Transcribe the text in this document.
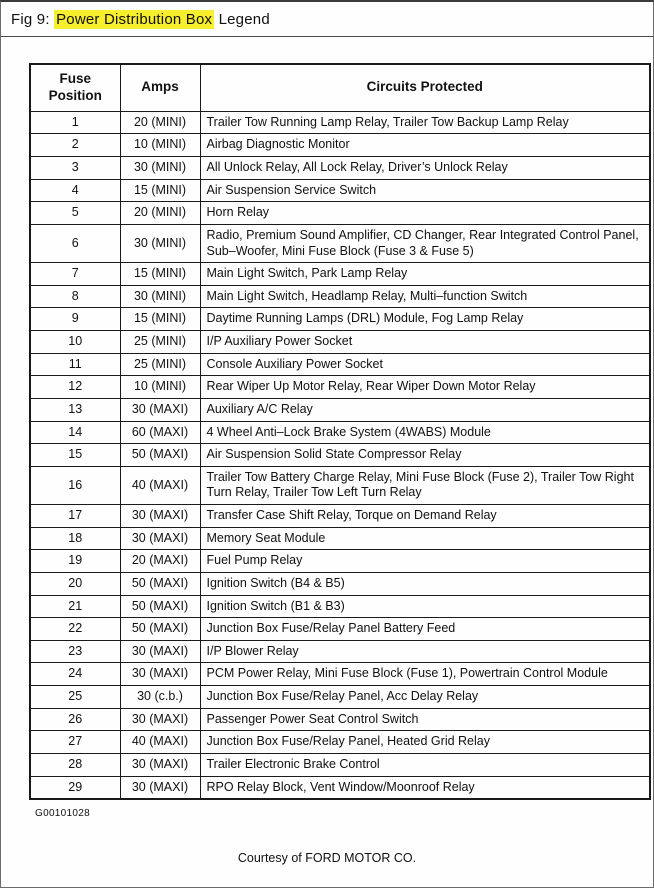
Fig 9: Power Distribution Box Legend
Fuse Position	Amps	Circuits Protected
1	20 (MINI)	Trailer Tow Running Lamp Relay, Trailer Tow Backup Lamp Relay
2	10 (MINI)	Airbag Diagnostic Monitor
3	30 (MINI)	All Unlock Relay, All Lock Relay, Driver’s Unlock Relay
4	15 (MINI)	Air Suspension Service Switch
5	20 (MINI)	Horn Relay
6	30 (MINI)	Radio, Premium Sound Amplifier, CD Changer, Rear Integrated Control Panel, Sub–Woofer, Mini Fuse Block (Fuse 3 & Fuse 5)
7	15 (MINI)	Main Light Switch, Park Lamp Relay
8	30 (MINI)	Main Light Switch, Headlamp Relay, Multi–function Switch
9	15 (MINI)	Daytime Running Lamps (DRL) Module, Fog Lamp Relay
10	25 (MINI)	I/P Auxiliary Power Socket
11	25 (MINI)	Console Auxiliary Power Socket
12	10 (MINI)	Rear Wiper Up Motor Relay, Rear Wiper Down Motor Relay
13	30 (MAXI)	Auxiliary A/C Relay
14	60 (MAXI)	4 Wheel Anti–Lock Brake System (4WABS) Module
15	50 (MAXI)	Air Suspension Solid State Compressor Relay
16	40 (MAXI)	Trailer Tow Battery Charge Relay, Mini Fuse Block (Fuse 2), Trailer Tow Right Turn Relay, Trailer Tow Left Turn Relay
17	30 (MAXI)	Transfer Case Shift Relay, Torque on Demand Relay
18	30 (MAXI)	Memory Seat Module
19	20 (MAXI)	Fuel Pump Relay
20	50 (MAXI)	Ignition Switch (B4 & B5)
21	50 (MAXI)	Ignition Switch (B1 & B3)
22	50 (MAXI)	Junction Box Fuse/Relay Panel Battery Feed
23	30 (MAXI)	I/P Blower Relay
24	30 (MAXI)	PCM Power Relay, Mini Fuse Block (Fuse 1), Powertrain Control Module
25	30 (c.b.)	Junction Box Fuse/Relay Panel, Acc Delay Relay
26	30 (MAXI)	Passenger Power Seat Control Switch
27	40 (MAXI)	Junction Box Fuse/Relay Panel, Heated Grid Relay
28	30 (MAXI)	Trailer Electronic Brake Control
29	30 (MAXI)	RPO Relay Block, Vent Window/Moonroof Relay
G00101028
Courtesy of FORD MOTOR CO.
